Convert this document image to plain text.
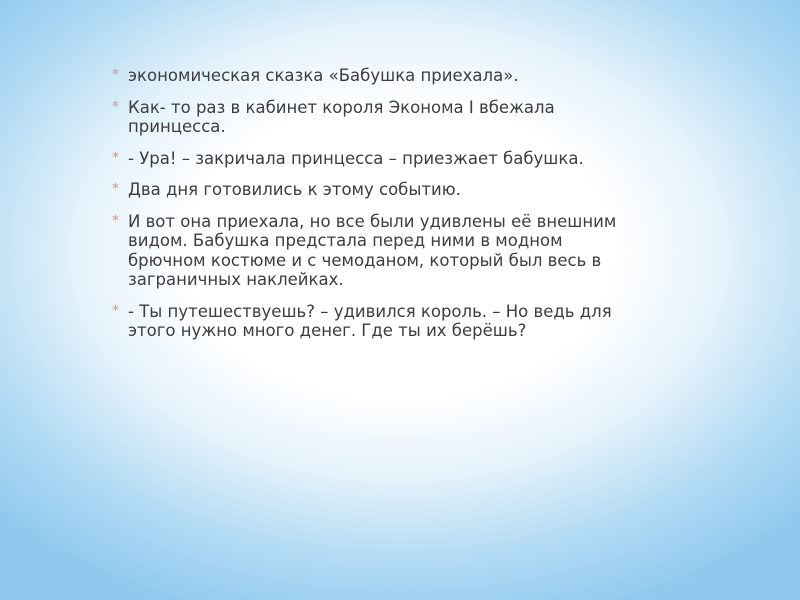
* экономическая сказка «Бабушка приехала».
* Как- то раз в кабинет короля Эконома I вбежала принцесса.
* - Ура! – закричала принцесса – приезжает бабушка.
* Два дня готовились к этому событию.
* И вот она приехала, но все были удивлены её внешним видом. Бабушка предстала перед ними в модном брючном костюме и с чемоданом, который был весь в заграничных наклейках.
* - Ты путешествуешь? – удивился король. – Но ведь для этого нужно много денег. Где ты их берёшь?
